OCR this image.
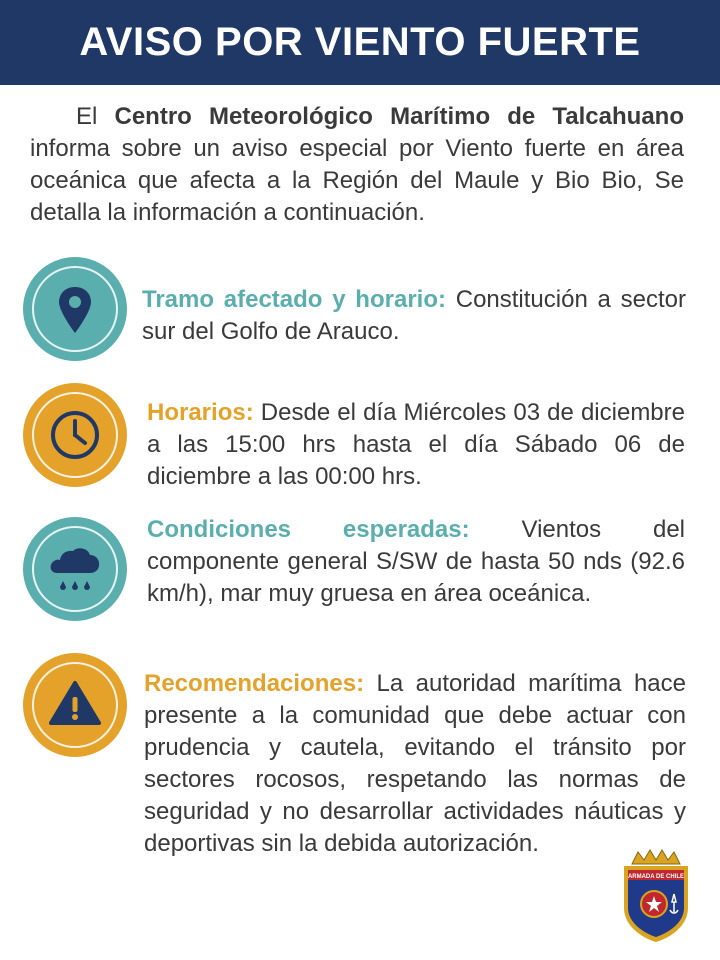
AVISO POR VIENTO FUERTE
El Centro Meteorológico Marítimo de Talcahuano informa sobre un aviso especial por Viento fuerte en área oceánica que afecta a la Región del Maule y Bio Bio, Se detalla la información a continuación.
Tramo afectado y horario: Constitución a sector sur del Golfo de Arauco.
Horarios: Desde el día Miércoles 03 de diciembre a las 15:00 hrs hasta el día Sábado 06 de diciembre a las 00:00 hrs.
Condiciones esperadas: Vientos del componente general S/SW de hasta 50 nds (92.6 km/h), mar muy gruesa en área oceánica.
Recomendaciones: La autoridad marítima hace presente a la comunidad que debe actuar con prudencia y cautela, evitando el tránsito por sectores rocosos, respetando las normas de seguridad y no desarrollar actividades náuticas y deportivas sin la debida autorización.
ARMADA DE CHILE
